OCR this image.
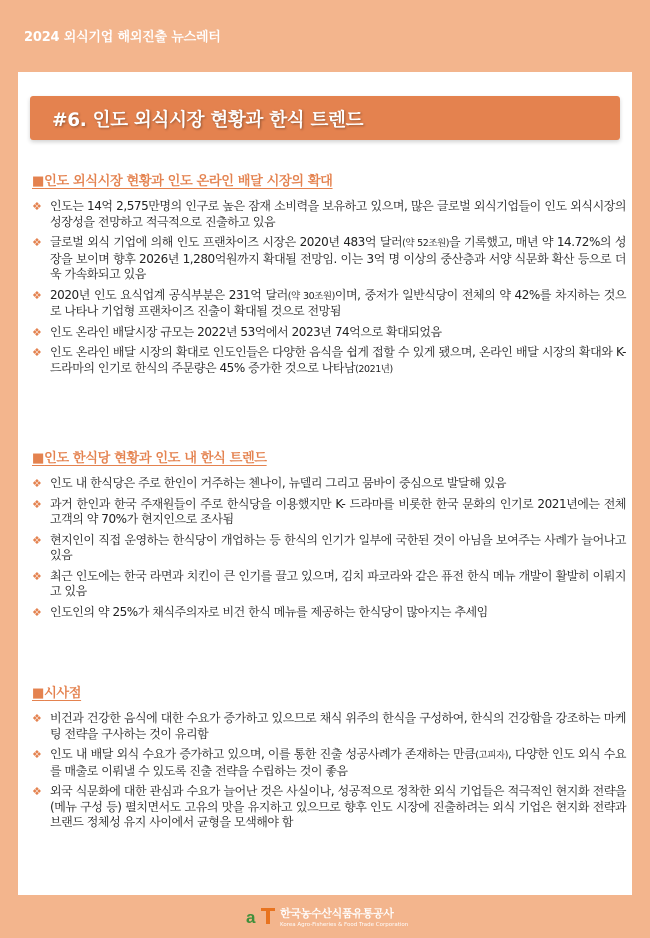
2024 외식기업 해외진출 뉴스레터
#6. 인도 외식시장 현황과 한식 트렌드
■인도 외식시장 현황과 인도 온라인 배달 시장의 확대
❖ 인도는 14억 2,575만명의 인구로 높은 잠재 소비력을 보유하고 있으며, 많은 글로벌 외식기업들이 인도 외식시장의 성장성을 전망하고 적극적으로 진출하고 있음
❖ 글로벌 외식 기업에 의해 인도 프랜차이즈 시장은 2020년 483억 달러(약 52조원)을 기록했고, 매년 약 14.72%의 성장을 보이며 향후 2026년 1,280억원까지 확대될 전망임. 이는 3억 명 이상의 중산층과 서양 식문화 확산 등으로 더욱 가속화되고 있음
❖ 2020년 인도 요식업계 공식부분은 231억 달러(약 30조원)이며, 중저가 일반식당이 전체의 약 42%를 차지하는 것으로 나타나 기업형 프랜차이즈 진출이 확대될 것으로 전망됨
❖ 인도 온라인 배달시장 규모는 2022년 53억에서 2023년 74억으로 확대되었음
❖ 인도 온라인 배달 시장의 확대로 인도인들은 다양한 음식을 쉽게 접할 수 있게 됐으며, 온라인 배달 시장의 확대와 K-드라마의 인기로 한식의 주문량은 45% 증가한 것으로 나타남(2021년)
■인도 한식당 현황과 인도 내 한식 트렌드
❖ 인도 내 한식당은 주로 한인이 거주하는 첸나이, 뉴델리 그리고 뭄바이 중심으로 발달해 있음
❖ 과거 한인과 한국 주재원들이 주로 한식당을 이용했지만 K- 드라마를 비롯한 한국 문화의 인기로 2021년에는 전체 고객의 약 70%가 현지인으로 조사됨
❖ 현지인이 직접 운영하는 한식당이 개업하는 등 한식의 인기가 일부에 국한된 것이 아님을 보여주는 사례가 늘어나고 있음
❖ 최근 인도에는 한국 라면과 치킨이 큰 인기를 끌고 있으며, 김치 파코라와 같은 퓨전 한식 메뉴 개발이 활발히 이뤄지고 있음
❖ 인도인의 약 25%가 채식주의자로 비건 한식 메뉴를 제공하는 한식당이 많아지는 추세임
■시사점
❖ 비건과 건강한 음식에 대한 수요가 증가하고 있으므로 채식 위주의 한식을 구성하여, 한식의 건강함을 강조하는 마케팅 전략을 구사하는 것이 유리함
❖ 인도 내 배달 외식 수요가 증가하고 있으며, 이를 통한 진출 성공사례가 존재하는 만큼(고피자), 다양한 인도 외식 수요를 매출로 이뤄낼 수 있도록 진출 전략을 수립하는 것이 좋음
❖ 외국 식문화에 대한 관심과 수요가 늘어난 것은 사실이나, 성공적으로 정착한 외식 기업들은 적극적인 현지화 전략을(메뉴 구성 등) 펼치면서도 고유의 맛을 유지하고 있으므로 향후 인도 시장에 진출하려는 외식 기업은 현지화 전략과 브랜드 정체성 유지 사이에서 균형을 모색해야 함
a 한국농수산식품유통공사
Korea Agro-Fisheries & Food Trade Corporation
